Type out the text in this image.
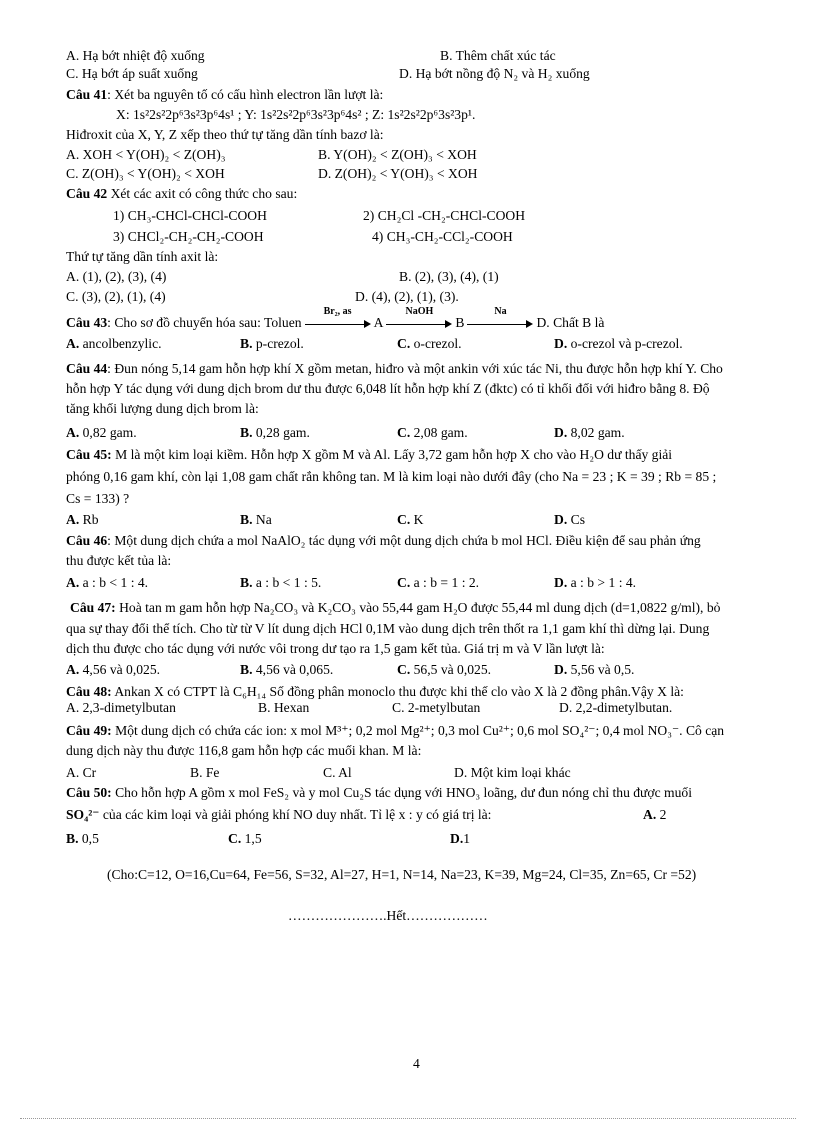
A. Hạ bớt nhiệt độ xuống	B. Thêm chất xúc tác
C. Hạ bớt áp suất xuống	D. Hạ bớt nồng độ N₂ và H₂ xuống
Câu 41: Xét ba nguyên tố có cấu hình electron lần lượt là:
X: 1s²2s²2p⁶3s²3p⁶4s¹ ; Y: 1s²2s²2p⁶3s²3p⁶4s² ; Z: 1s²2s²2p⁶3s²3p¹.
Hiđroxit của X, Y, Z xếp theo thứ tự tăng dần tính bazơ là:
A. XOH < Y(OH)₂ < Z(OH)₃	B. Y(OH)₂ < Z(OH)₃ < XOH
C. Z(OH)₃ < Y(OH)₂ < XOH	D. Z(OH)₂ < Y(OH)₃ < XOH
Câu 42 Xét các axit có công thức cho sau:
1) CH₃-CHCl-CHCl-COOH	2) CH₂Cl -CH₂-CHCl-COOH
3) CHCl₂-CH₂-CH₂-COOH	4) CH₃-CH₂-CCl₂-COOH
Thứ tự tăng dần tính axit là:
A. (1), (2), (3), (4)	B. (2), (3), (4), (1)
C. (3), (2), (1), (4)	D. (4), (2), (1), (3).
Câu 43: Cho sơ đồ chuyển hóa sau: Toluen
Br₂, as
A
NaOH
B
Na
D. Chất B là
A. ancolbenzylic.	B. p-crezol.	C. o-crezol.	D. o-crezol và p-crezol.
Câu 44: Đun nóng 5,14 gam hỗn hợp khí X gồm metan, hiđro và một ankin với xúc tác Ni, thu được hỗn hợp khí Y. Cho
hỗn hợp Y tác dụng với dung dịch brom dư thu được 6,048 lít hỗn hợp khí Z (đktc) có tỉ khối đối với hiđro bằng 8. Độ
tăng khối lượng dung dịch brom là:
A. 0,82 gam.	B. 0,28 gam.	C. 2,08 gam.	D. 8,02 gam.
Câu 45: M là một kim loại kiềm. Hỗn hợp X gồm M và Al. Lấy 3,72 gam hỗn hợp X cho vào H₂O dư thấy giải
phóng 0,16 gam khí, còn lại 1,08 gam chất rắn không tan. M là kim loại nào dưới đây (cho Na = 23 ; K = 39 ; Rb = 85 ;
Cs = 133) ?
A. Rb	B. Na	C. K	D. Cs
Câu 46: Một dung dịch chứa a mol NaAlO₂ tác dụng với một dung dịch chứa b mol HCl. Điều kiện để sau phản ứng
thu được kết tủa là:
A. a : b < 1 : 4.	B. a : b < 1 : 5.	C. a : b = 1 : 2.	D. a : b > 1 : 4.
Câu 47: Hoà tan m gam hỗn hợp Na₂CO₃ và K₂CO₃ vào 55,44 gam H₂O được 55,44 ml dung dịch (d=1,0822 g/ml), bỏ
qua sự thay đổi thể tích. Cho từ từ V lít dung dịch HCl 0,1M vào dung dịch trên thốt ra 1,1 gam khí thì dừng lại. Dung
dịch thu được cho tác dụng với nước vôi trong dư tạo ra 1,5 gam kết tủa. Giá trị m và V lần lượt là:
A. 4,56 và 0,025.	B. 4,56 và 0,065.	C. 56,5 và 0,025.	D. 5,56 và 0,5.
Câu 48: Ankan X có CTPT là C₆H₁₄ Số đồng phân monoclo thu được khi thế clo vào X là 2 đồng phân.Vậy X là:
A. 2,3-dimetylbutan	B. Hexan	C. 2-metylbutan	D. 2,2-dimetylbutan.
Câu 49: Một dung dịch có chứa các ion: x mol M³⁺; 0,2 mol Mg²⁺; 0,3 mol Cu²⁺; 0,6 mol SO₄²⁻; 0,4 mol NO₃⁻. Cô cạn
dung dịch này thu được 116,8 gam hỗn hợp các muối khan. M là:
A. Cr	B. Fe	C. Al	D. Một kim loại khác
Câu 50: Cho hỗn hợp A gồm x mol FeS₂ và y mol Cu₂S tác dụng với HNO₃ loãng, dư đun nóng chỉ thu được muối
SO₄²⁻ của các kim loại và giải phóng khí NO duy nhất. Tỉ lệ x : y có giá trị là:	A. 2
B. 0,5	C. 1,5	D.1
(Cho:C=12, O=16,Cu=64, Fe=56, S=32, Al=27, H=1, N=14, Na=23, K=39, Mg=24, Cl=35, Zn=65, Cr =52)
………………….Hết………………
4
